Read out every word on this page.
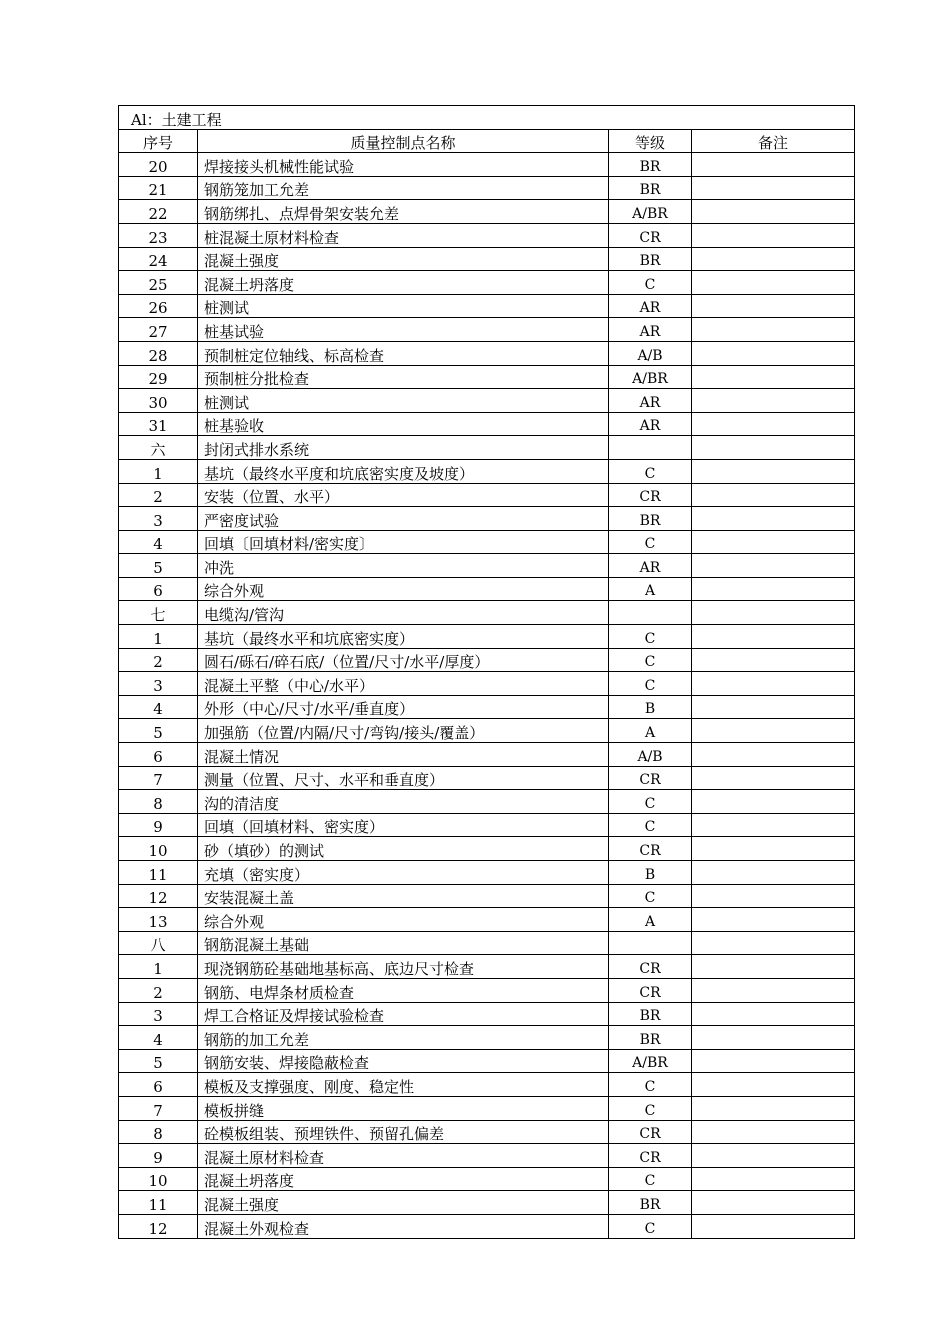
Al：土建工程			
序号	质量控制点名称	等级	备注
20	焊接接头机械性能试验	BR	
21	钢筋笼加工允差	BR	
22	钢筋绑扎、点焊骨架安装允差	A/BR	
23	桩混凝土原材料检查	CR	
24	混凝土强度	BR	
25	混凝土坍落度	C	
26	桩测试	AR	
27	桩基试验	AR	
28	预制桩定位轴线、标高检查	A/B	
29	预制桩分批检查	A/BR	
30	桩测试	AR	
31	桩基验收	AR	
六	封闭式排水系统		
1	基坑（最终水平度和坑底密实度及坡度）	C	
2	安装（位置、水平）	CR	
3	严密度试验	BR	
4	回填〔回填材料/密实度〕	C	
5	冲洗	AR	
6	综合外观	A	
七	电缆沟/管沟		
1	基坑（最终水平和坑底密实度）	C	
2	圆石/砾石/碎石底/（位置/尺寸/水平/厚度）	C	
3	混凝土平整（中心/水平）	C	
4	外形（中心/尺寸/水平/垂直度）	B	
5	加强筋（位置/内隔/尺寸/弯钩/接头/覆盖）	A	
6	混凝土情况	A/B	
7	测量（位置、尺寸、水平和垂直度）	CR	
8	沟的清洁度	C	
9	回填（回填材料、密实度）	C	
10	砂（填砂）的测试	CR	
11	充填（密实度）	B	
12	安装混凝土盖	C	
13	综合外观	A	
八	钢筋混凝土基础		
1	现浇钢筋砼基础地基标高、底边尺寸检查	CR	
2	钢筋、电焊条材质检查	CR	
3	焊工合格证及焊接试验检查	BR	
4	钢筋的加工允差	BR	
5	钢筋安装、焊接隐蔽检查	A/BR	
6	模板及支撑强度、刚度、稳定性	C	
7	模板拼缝	C	
8	砼模板组装、预埋铁件、预留孔偏差	CR	
9	混凝土原材料检查	CR	
10	混凝土坍落度	C	
11	混凝土强度	BR	
12	混凝土外观检查	C	
